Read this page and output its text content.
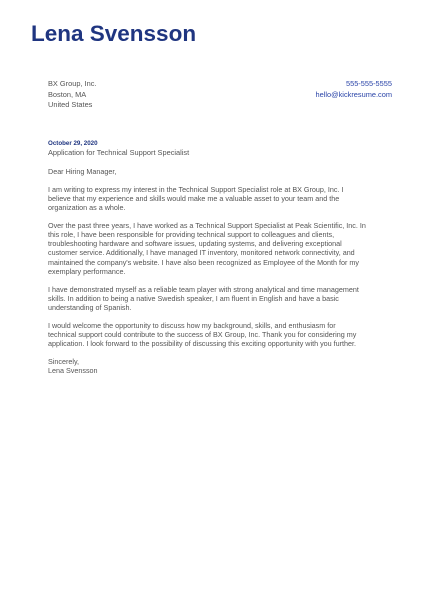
Lena Svensson
BX Group, Inc.
Boston, MA
United States
555-555-5555
hello@kickresume.com
October 29, 2020
Application for Technical Support Specialist

Dear Hiring Manager,

I am writing to express my interest in the Technical Support Specialist role at BX Group, Inc. I
believe that my experience and skills would make me a valuable asset to your team and the
organization as a whole.

Over the past three years, I have worked as a Technical Support Specialist at Peak Scientific, Inc. In
this role, I have been responsible for providing technical support to colleagues and clients,
troubleshooting hardware and software issues, updating systems, and delivering exceptional
customer service. Additionally, I have managed IT inventory, monitored network connectivity, and
maintained the company's website. I have also been recognized as Employee of the Month for my
exemplary performance.

I have demonstrated myself as a reliable team player with strong analytical and time management
skills. In addition to being a native Swedish speaker, I am fluent in English and have a basic
understanding of Spanish.

I would welcome the opportunity to discuss how my background, skills, and enthusiasm for
technical support could contribute to the success of BX Group, Inc. Thank you for considering my
application. I look forward to the possibility of discussing this exciting opportunity with you further.

Sincerely,
Lena Svensson
